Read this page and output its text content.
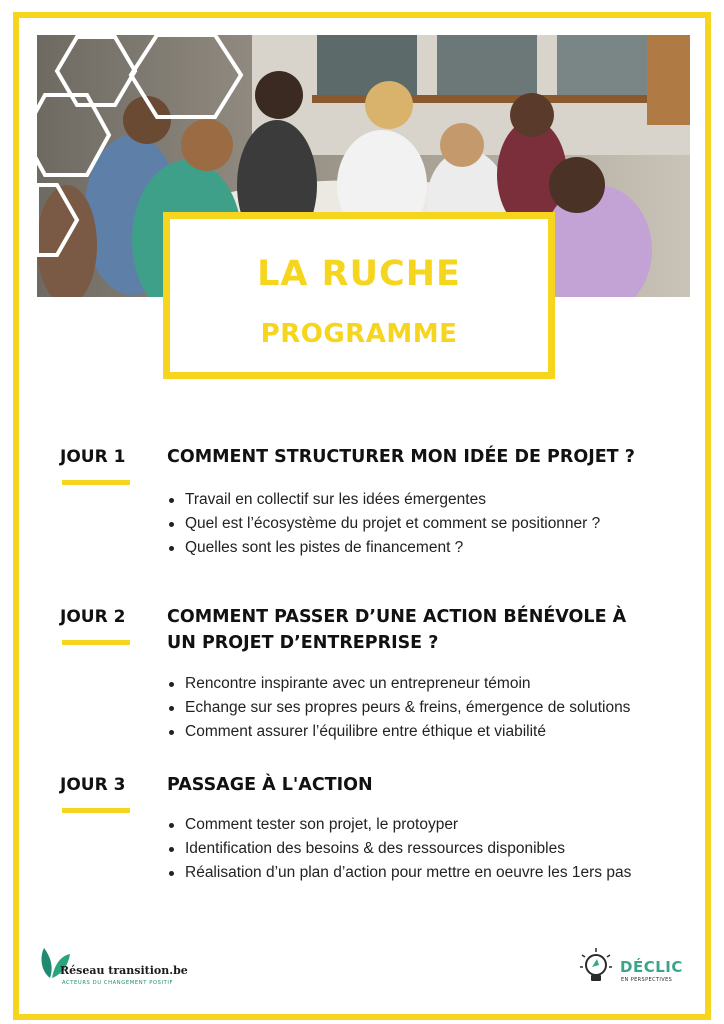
LA RUCHE
PROGRAMME
JOUR 1 COMMENT STRUCTURER MON IDÉE DE PROJET ?
Travail en collectif sur les idées émergentes
Quel est l’écosystème du projet et comment se positionner ?
Quelles sont les pistes de financement ?
JOUR 2 COMMENT PASSER D’UNE ACTION BÉNÉVOLE À
UN PROJET D’ENTREPRISE ?
Rencontre inspirante avec un entrepreneur témoin
Echange sur ses propres peurs & freins, émergence de solutions
Comment assurer l’équilibre entre éthique et viabilité
JOUR 3 PASSAGE À L'ACTION
Comment tester son projet, le protoyper
Identification des besoins & des ressources disponibles
Réalisation d’un plan d’action pour mettre en oeuvre les 1ers pas
Réseau transition.be
ACTEURS DU CHANGEMENT POSITIF
DÉCLIC
EN PERSPECTIVES
